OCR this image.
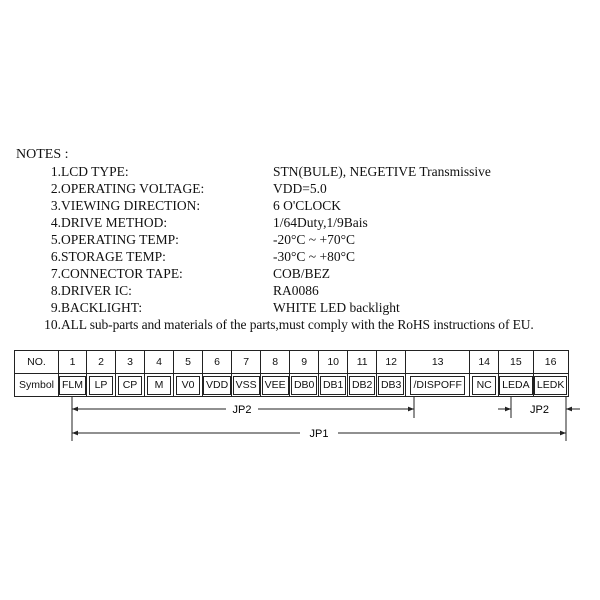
NOTES :

1. LCD TYPE:	STN(BULE), NEGETIVE Transmissive
2. OPERATING VOLTAGE:	VDD=5.0
3. VIEWING DIRECTION:	6 O'CLOCK
4. DRIVE METHOD:	1/64Duty,1/9Bais
5. OPERATING TEMP:	-20°C ~ +70°C
6. STORAGE TEMP:	-30°C ~ +80°C
7. CONNECTOR TAPE:	COB/BEZ
8. DRIVER IC:	RA0086
9. BACKLIGHT:	WHITE LED backlight
10. ALL sub-parts and materials of the parts,must comply with the RoHS instructions of EU.
NO.	1	2	3	4	5	6	7	8	9	10	11	12	13	14	15	16
Symbol	FLM	LP	CP	M	V0	VDD	VSS	VEE	DB0	DB1	DB2	DB3	/DISPOFF	NC	LEDA	LEDK
JP2	JP2
JP1
